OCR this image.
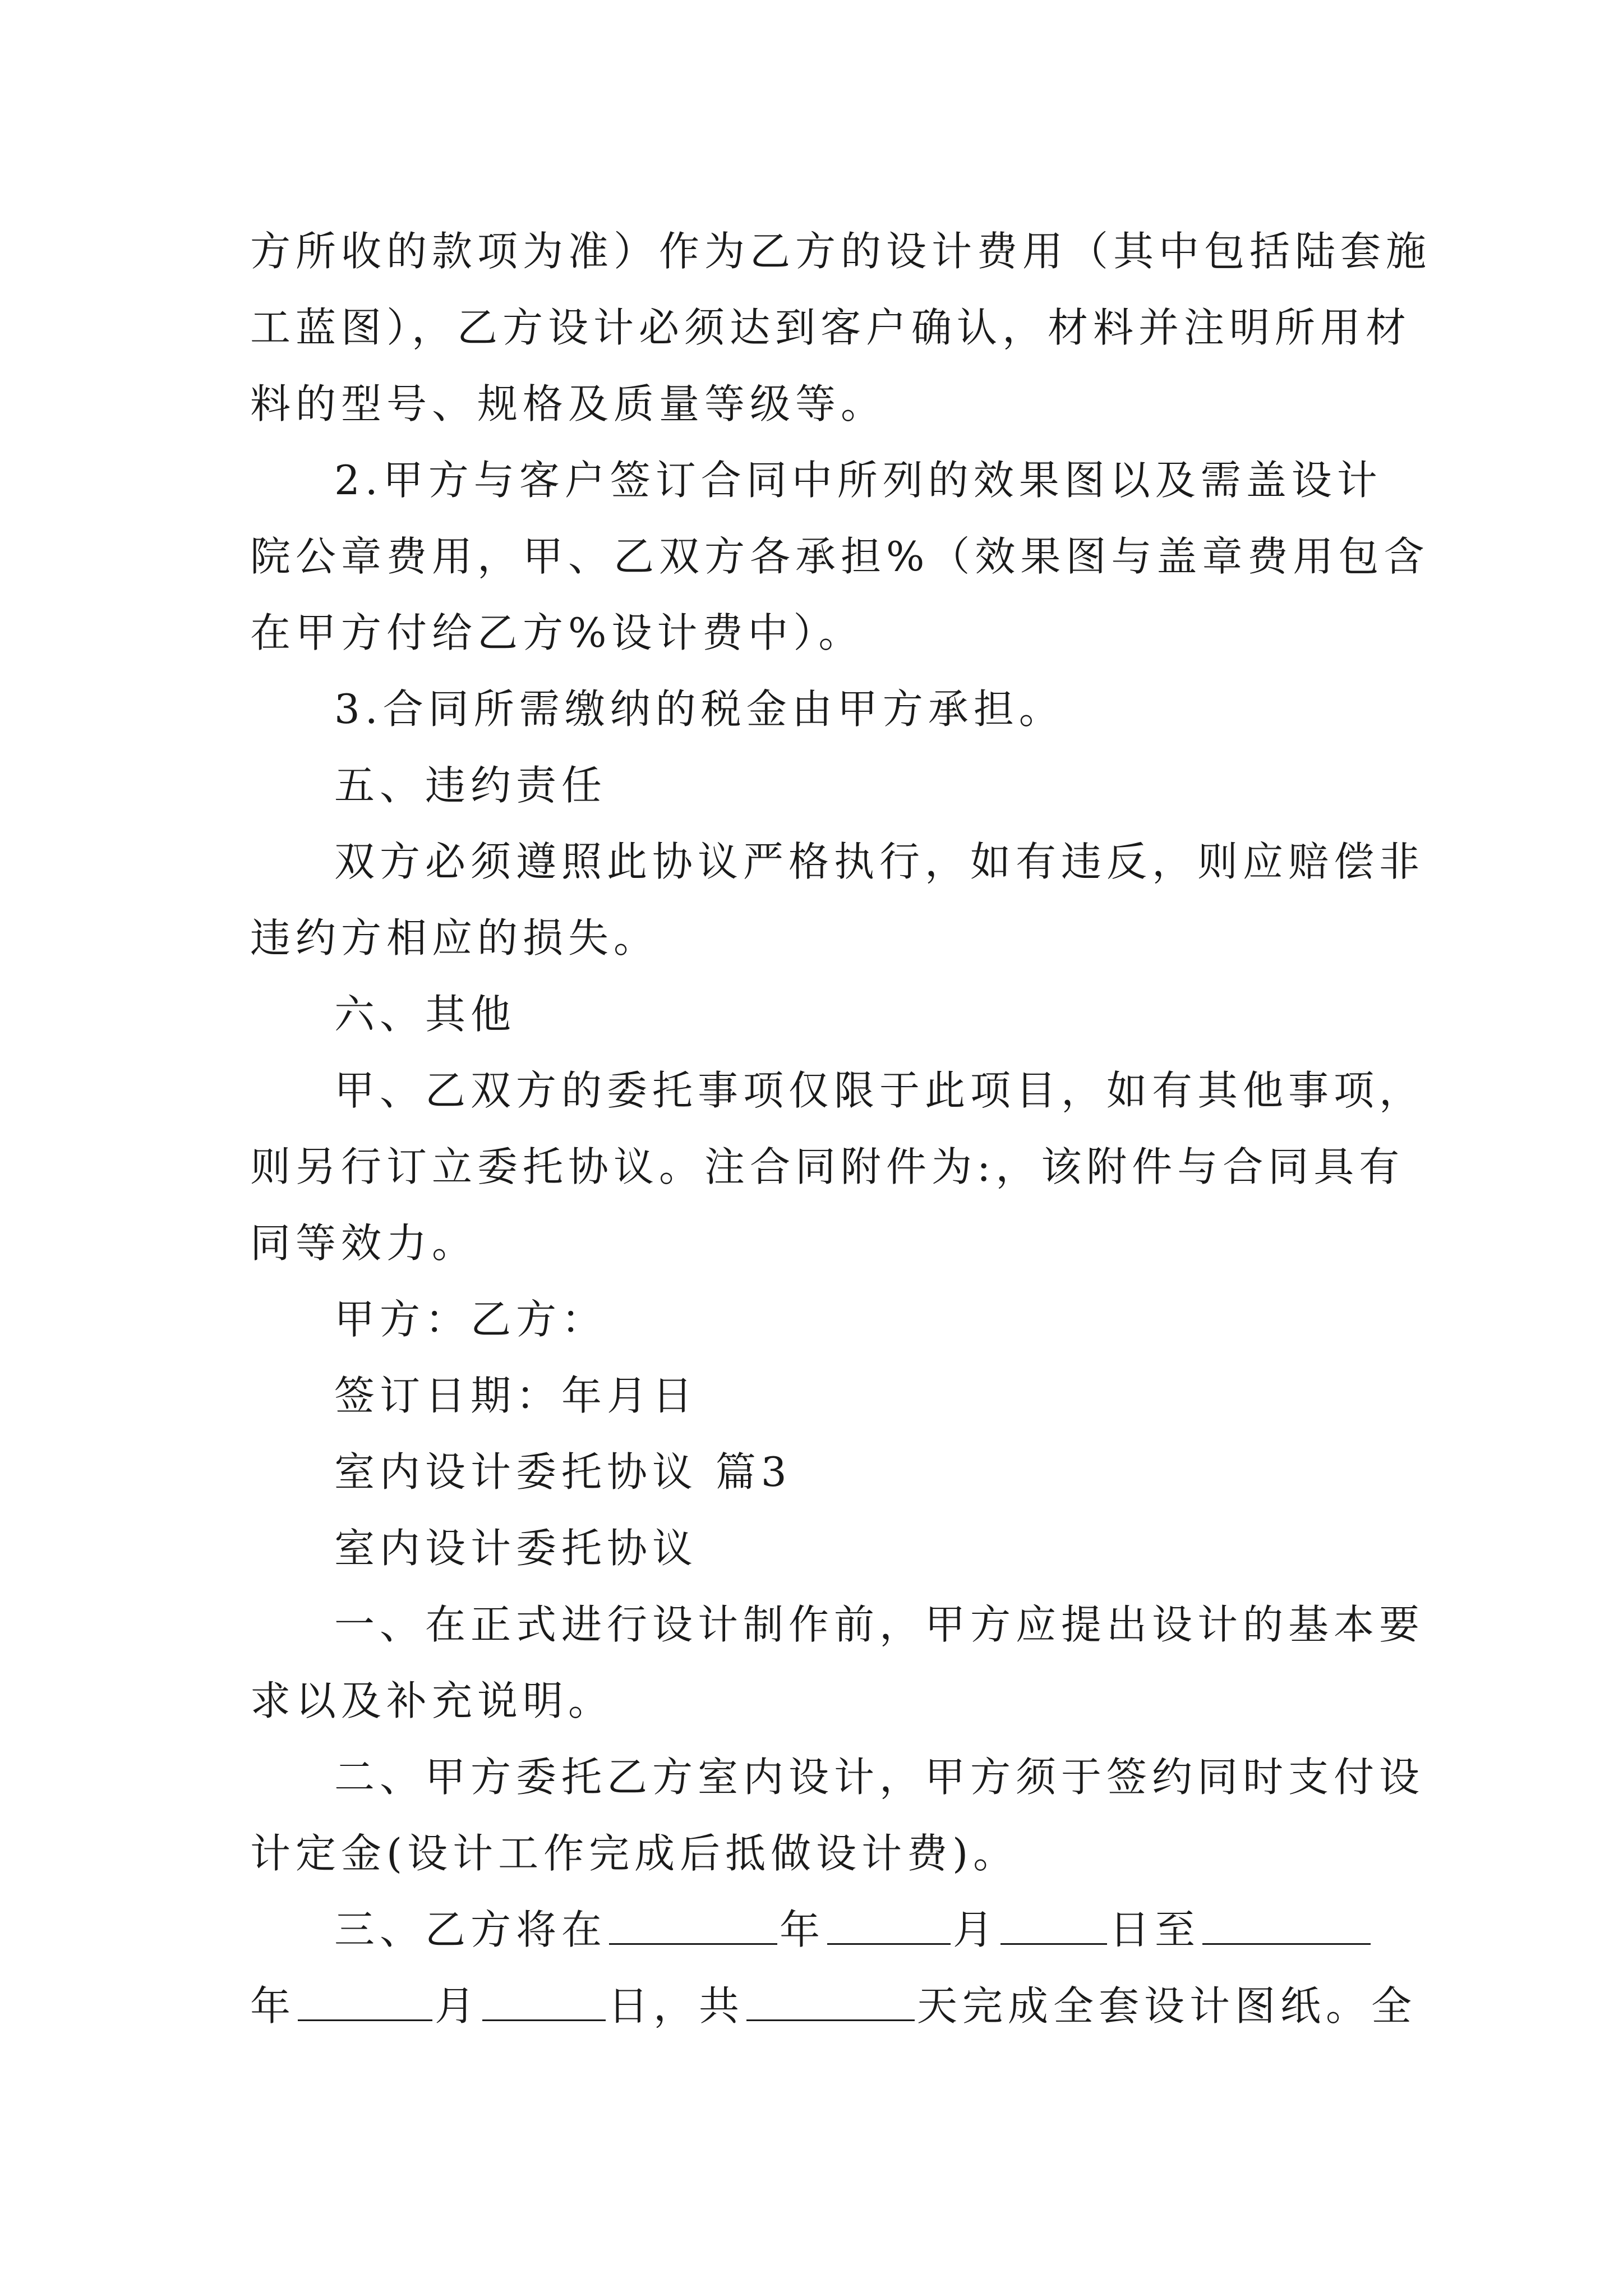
方所收的款项为准）作为乙方的设计费用（其中包括陆套施
工蓝图），乙方设计必须达到客户确认，材料并注明所用材
料的型号、规格及质量等级等。
2.甲方与客户签订合同中所列的效果图以及需盖设计
院公章费用，甲、乙双方各承担%（效果图与盖章费用包含
在甲方付给乙方%设计费中）。
3.合同所需缴纳的税金由甲方承担。
五、违约责任
双方必须遵照此协议严格执行，如有违反，则应赔偿非
违约方相应的损失。
六、其他
甲、乙双方的委托事项仅限于此项目，如有其他事项，
则另行订立委托协议。注合同附件为:，该附件与合同具有
同等效力。
甲方：乙方：
签订日期：年月日
室内设计委托协议 篇3
室内设计委托协议
一、在正式进行设计制作前，甲方应提出设计的基本要
求以及补充说明。
二、甲方委托乙方室内设计，甲方须于签约同时支付设
计定金(设计工作完成后抵做设计费)。
三、乙方将在	年	月	日至
年	月	日，共	天完成全套设计图纸。全
